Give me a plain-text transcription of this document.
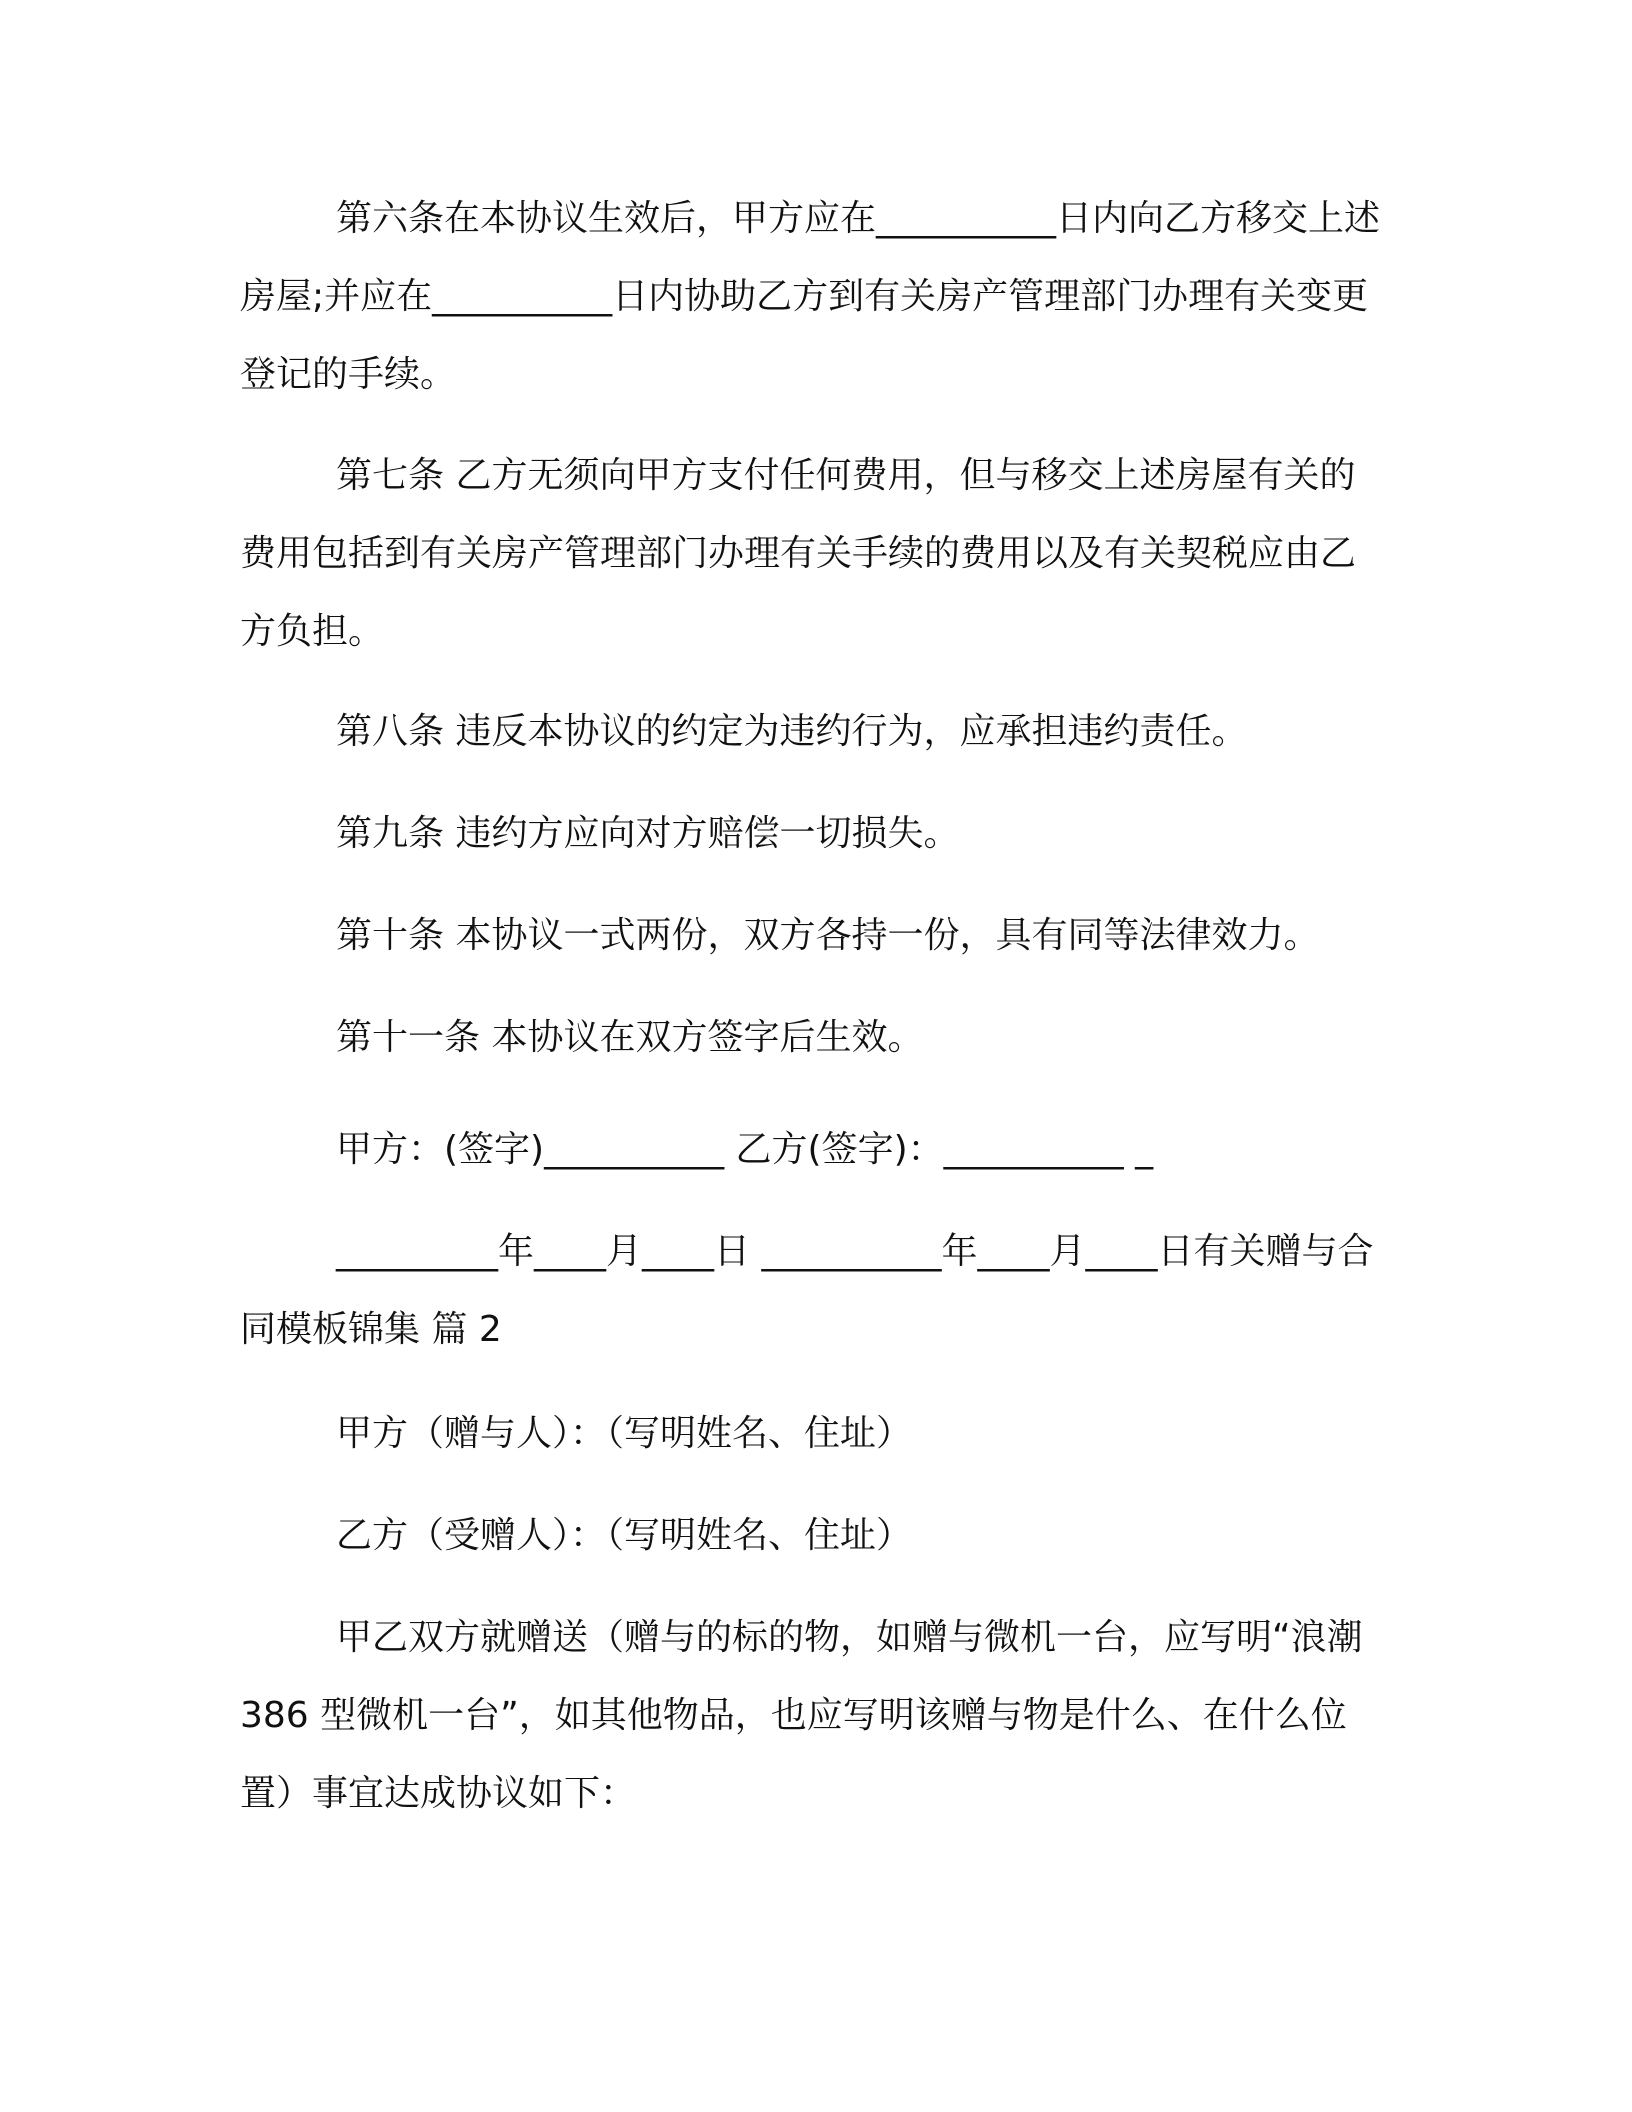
第六条在本协议生效后，甲方应在__________日内向乙方移交上述房屋;并应在__________日内协助乙方到有关房产管理部门办理有关变更登记的手续。

第七条 乙方无须向甲方支付任何费用，但与移交上述房屋有关的费用包括到有关房产管理部门办理有关手续的费用以及有关契税应由乙方负担。

第八条 违反本协议的约定为违约行为，应承担违约责任。

第九条 违约方应向对方赔偿一切损失。

第十条 本协议一式两份，双方各持一份，具有同等法律效力。

第十一条 本协议在双方签字后生效。

甲方：(签字)__________ 乙方(签字)：__________ _

_________年____月____日 __________年____月____日有关赠与合同模板锦集 篇 2

甲方（赠与人）：（写明姓名、住址）

乙方（受赠人）：（写明姓名、住址）

甲乙双方就赠送（赠与的标的物，如赠与微机一台，应写明“浪潮 386 型微机一台”，如其他物品，也应写明该赠与物是什么、在什么位置）事宜达成协议如下：
